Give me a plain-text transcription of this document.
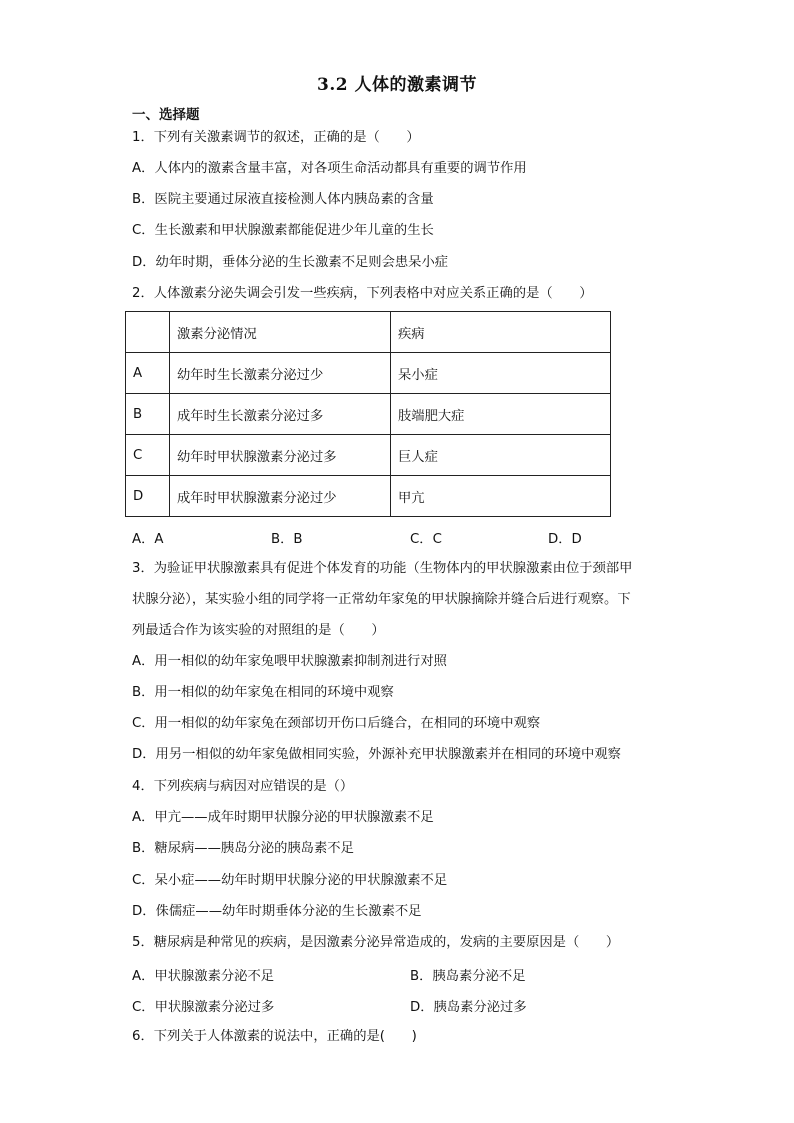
3.2 人体的激素调节
一、选择题
1．下列有关激素调节的叙述，正确的是（　　）
A．人体内的激素含量丰富，对各项生命活动都具有重要的调节作用
B．医院主要通过尿液直接检测人体内胰岛素的含量
C．生长激素和甲状腺激素都能促进少年儿童的生长
D．幼年时期，垂体分泌的生长激素不足则会患呆小症
2．人体激素分泌失调会引发一些疾病，下列表格中对应关系正确的是（　　）
	激素分泌情况	疾病
A	幼年时生长激素分泌过少	呆小症
B	成年时生长激素分泌过多	肢端肥大症
C	幼年时甲状腺激素分泌过多	巨人症
D	成年时甲状腺激素分泌过少	甲亢
A．A	B．B	C．C	D．D
3．为验证甲状腺激素具有促进个体发育的功能（生物体内的甲状腺激素由位于颈部甲
状腺分泌），某实验小组的同学将一正常幼年家兔的甲状腺摘除并缝合后进行观察。下
列最适合作为该实验的对照组的是（　　）
A．用一相似的幼年家兔喂甲状腺激素抑制剂进行对照
B．用一相似的幼年家兔在相同的环境中观察
C．用一相似的幼年家兔在颈部切开伤口后缝合，在相同的环境中观察
D．用另一相似的幼年家兔做相同实验，外源补充甲状腺激素并在相同的环境中观察
4．下列疾病与病因对应错误的是（）
A．甲亢——成年时期甲状腺分泌的甲状腺激素不足
B．糖尿病——胰岛分泌的胰岛素不足
C．呆小症——幼年时期甲状腺分泌的甲状腺激素不足
D．侏儒症——幼年时期垂体分泌的生长激素不足
5．糖尿病是种常见的疾病，是因激素分泌异常造成的，发病的主要原因是（　　）
A．甲状腺激素分泌不足	B．胰岛素分泌不足
C．甲状腺激素分泌过多	D．胰岛素分泌过多
6．下列关于人体激素的说法中，正确的是(　　)
